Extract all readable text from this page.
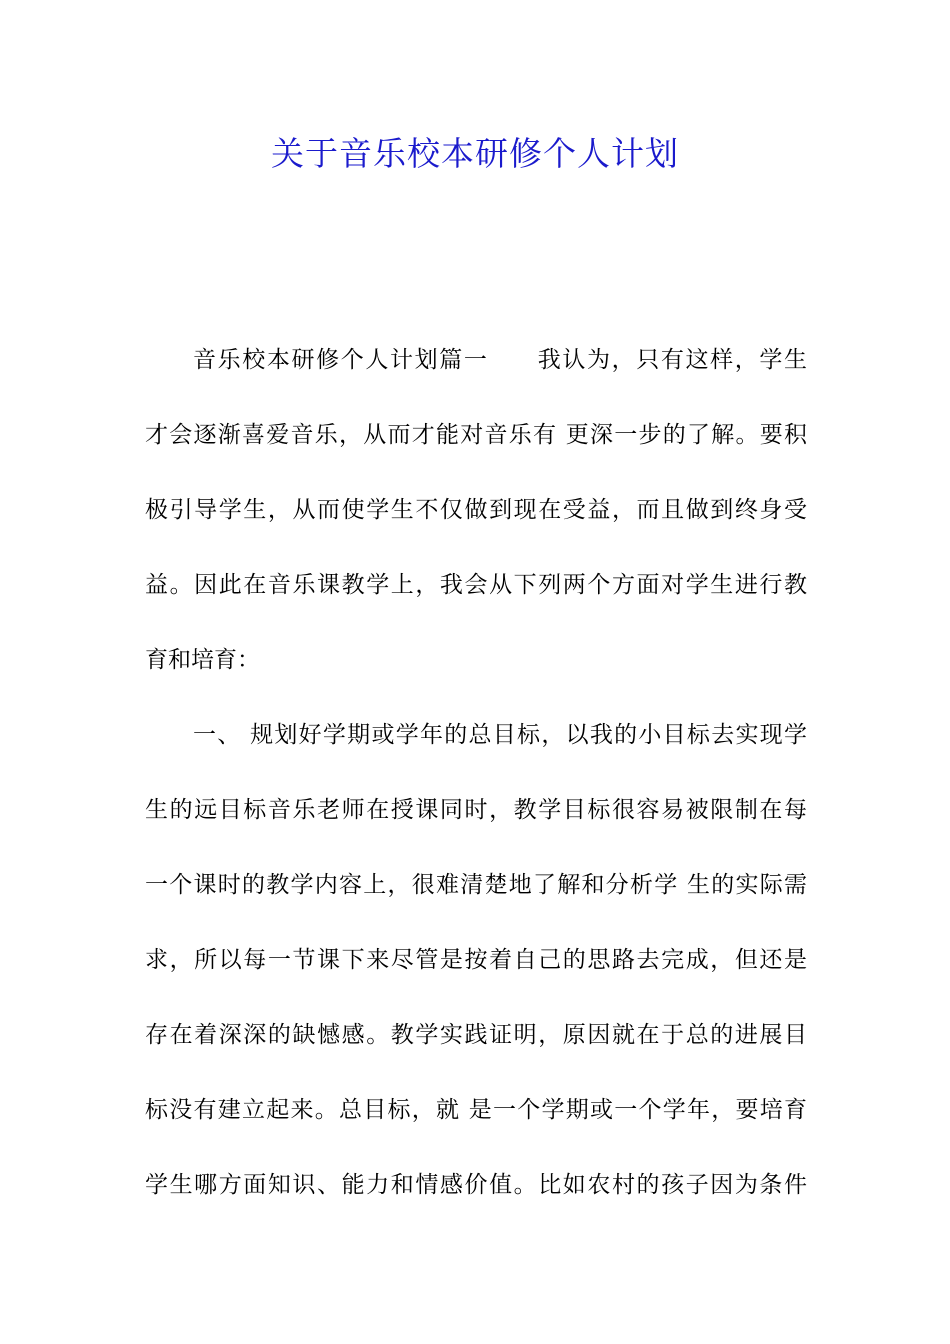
关于音乐校本研修个人计划
音乐校本研修个人计划篇一　　我认为，只有这样，学生
才会逐渐喜爱音乐，从而才能对音乐有 更深一步的了解。要积
极引导学生，从而使学生不仅做到现在受益，而且做到终身受
益。因此在音乐课教学上，我会从下列两个方面对学生进行教
育和培育：
一、 规划好学期或学年的总目标，以我的小目标去实现学
生的远目标音乐老师在授课同时，教学目标很容易被限制在每
一个课时的教学内容上，很难清楚地了解和分析学 生的实际需
求，所以每一节课下来尽管是按着自己的思路去完成，但还是
存在着深深的缺憾感。教学实践证明，原因就在于总的进展目
标没有建立起来。总目标，就 是一个学期或一个学年，要培育
学生哪方面知识、能力和情感价值。比如农村的孩子因为条件
